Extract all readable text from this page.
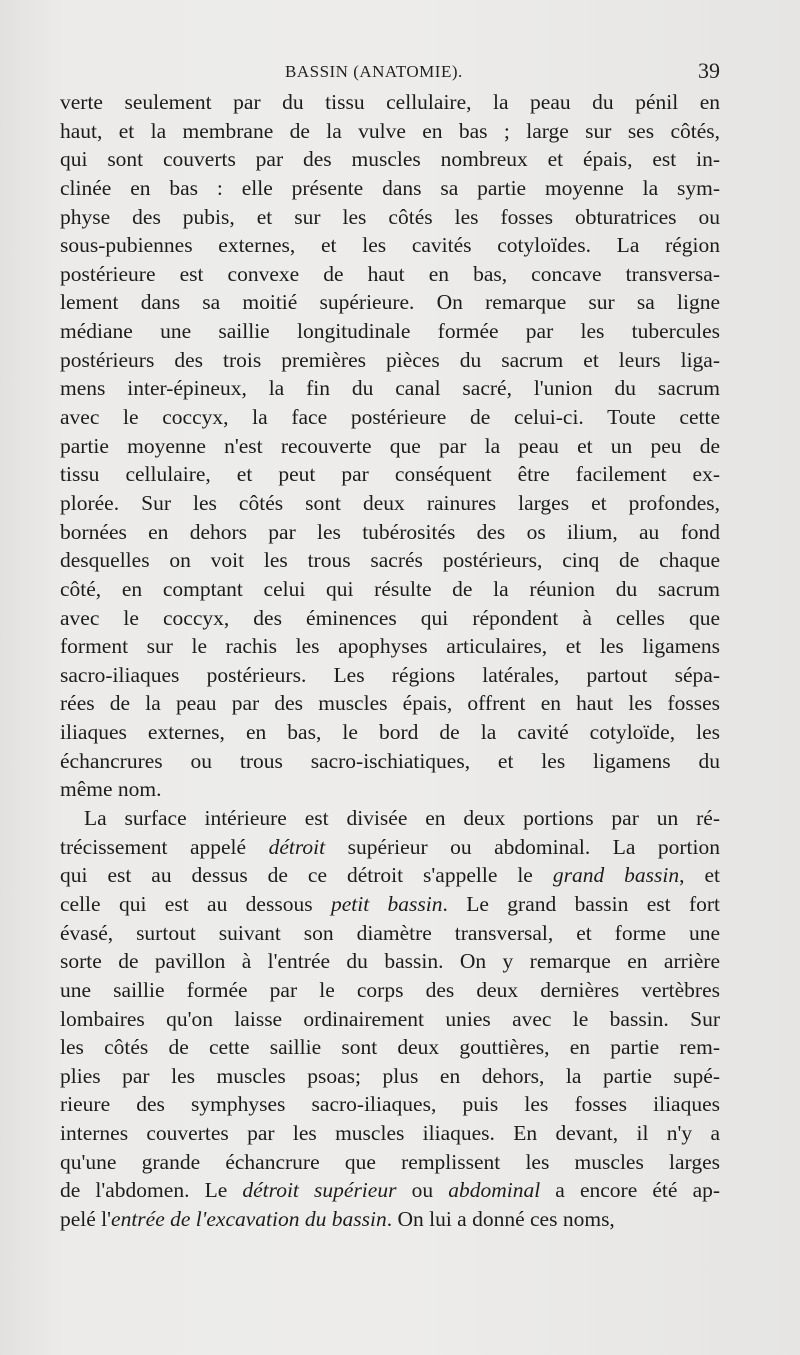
BASSIN (ANATOMIE).	39
verte seulement par du tissu cellulaire, la peau du pénil en
haut, et la membrane de la vulve en bas ; large sur ses côtés,
qui sont couverts par des muscles nombreux et épais, est in-
clinée en bas : elle présente dans sa partie moyenne la sym-
physe des pubis, et sur les côtés les fosses obturatrices ou
sous-pubiennes externes, et les cavités cotyloïdes. La région
postérieure est convexe de haut en bas, concave transversa-
lement dans sa moitié supérieure. On remarque sur sa ligne
médiane une saillie longitudinale formée par les tubercules
postérieurs des trois premières pièces du sacrum et leurs liga-
mens inter-épineux, la fin du canal sacré, l'union du sacrum
avec le coccyx, la face postérieure de celui-ci. Toute cette
partie moyenne n'est recouverte que par la peau et un peu de
tissu cellulaire, et peut par conséquent être facilement ex-
plorée. Sur les côtés sont deux rainures larges et profondes,
bornées en dehors par les tubérosités des os ilium, au fond
desquelles on voit les trous sacrés postérieurs, cinq de chaque
côté, en comptant celui qui résulte de la réunion du sacrum
avec le coccyx, des éminences qui répondent à celles que
forment sur le rachis les apophyses articulaires, et les ligamens
sacro-iliaques postérieurs. Les régions latérales, partout sépa-
rées de la peau par des muscles épais, offrent en haut les fosses
iliaques externes, en bas, le bord de la cavité cotyloïde, les
échancrures ou trous sacro-ischiatiques, et les ligamens du
même nom.
La surface intérieure est divisée en deux portions par un ré-
trécissement appelé détroit supérieur ou abdominal. La portion
qui est au dessus de ce détroit s'appelle le grand bassin, et
celle qui est au dessous petit bassin. Le grand bassin est fort
évasé, surtout suivant son diamètre transversal, et forme une
sorte de pavillon à l'entrée du bassin. On y remarque en arrière
une saillie formée par le corps des deux dernières vertèbres
lombaires qu'on laisse ordinairement unies avec le bassin. Sur
les côtés de cette saillie sont deux gouttières, en partie rem-
plies par les muscles psoas; plus en dehors, la partie supé-
rieure des symphyses sacro-iliaques, puis les fosses iliaques
internes couvertes par les muscles iliaques. En devant, il n'y a
qu'une grande échancrure que remplissent les muscles larges
de l'abdomen. Le détroit supérieur ou abdominal a encore été ap-
pelé l'entrée de l'excavation du bassin. On lui a donné ces noms,
